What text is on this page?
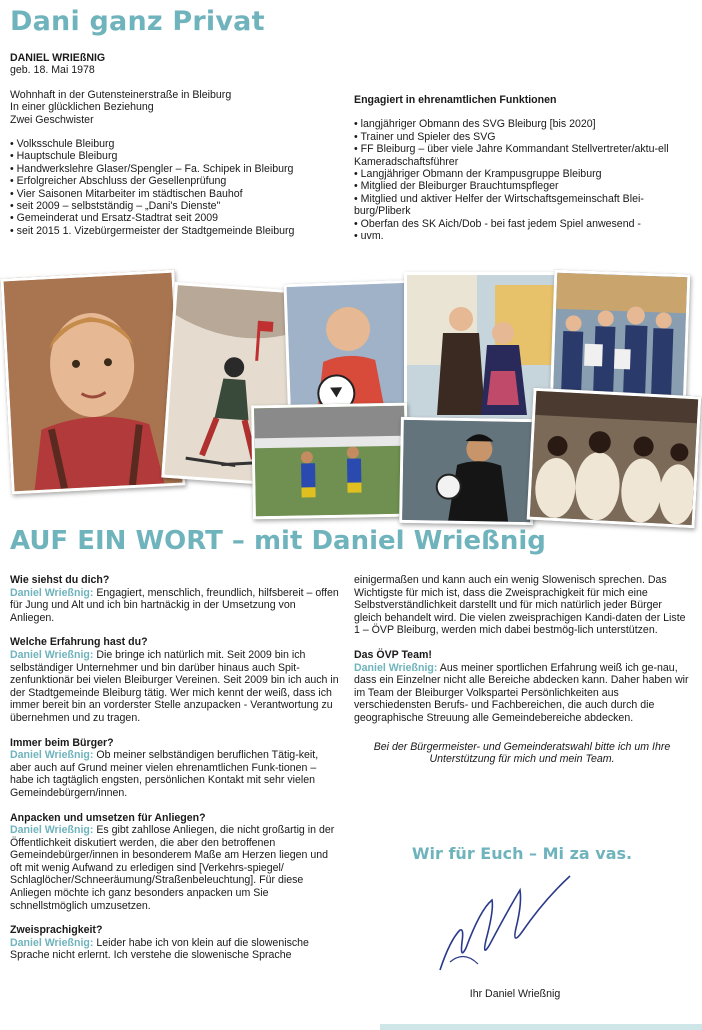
Dani ganz Privat
DANIEL WRIEßNIG
geb. 18. Mai 1978
Wohnhaft in der Gutensteinerstraße in Bleiburg
In einer glücklichen Beziehung
Zwei Geschwister
• Volksschule Bleiburg
• Hauptschule Bleiburg
• Handwerkslehre Glaser/Spengler – Fa. Schipek in Bleiburg
• Erfolgreicher Abschluss der Gesellenprüfung
• Vier Saisonen Mitarbeiter im städtischen Bauhof
• seit 2009 – selbstständig – „Dani's Dienste"
• Gemeinderat und Ersatz-Stadtrat seit 2009
• seit 2015 1. Vizebürgermeister der Stadtgemeinde Bleiburg
Engagiert in ehrenamtlichen Funktionen
• langjähriger Obmann des SVG Bleiburg [bis 2020]
• Trainer und Spieler des SVG
• FF Bleiburg – über viele Jahre Kommandant Stellvertreter/aktu-ell Kameradschaftsführer
• Langjähriger Obmann der Krampusgruppe Bleiburg
• Mitglied der Bleiburger Brauchtumspfleger
• Mitglied und aktiver Helfer der Wirtschaftsgemeinschaft Blei-burg/Pliberk
• Oberfan des SK Aich/Dob - bei fast jedem Spiel anwesend -
• uvm.
AUF EIN WORT – mit Daniel Wrießnig
Wie siehst du dich?
Daniel Wrießnig: Engagiert, menschlich, freundlich, hilfsbereit – offen für Jung und Alt und ich bin hartnäckig in der Umsetzung von Anliegen.
Welche Erfahrung hast du?
Daniel Wrießnig: Die bringe ich natürlich mit. Seit 2009 bin ich selbständiger Unternehmer und bin darüber hinaus auch Spit-zenfunktionär bei vielen Bleiburger Vereinen. Seit 2009 bin ich auch in der Stadtgemeinde Bleiburg tätig. Wer mich kennt der weiß, dass ich immer bereit bin an vorderster Stelle anzupacken - Verantwortung zu übernehmen und zu tragen.
Immer beim Bürger?
Daniel Wrießnig: Ob meiner selbständigen beruflichen Tätig-keit, aber auch auf Grund meiner vielen ehrenamtlichen Funk-tionen – habe ich tagtäglich engsten, persönlichen Kontakt mit sehr vielen Gemeindebürgern/innen.
Anpacken und umsetzen für Anliegen?
Daniel Wrießnig: Es gibt zahllose Anliegen, die nicht großartig in der Öffentlichkeit diskutiert werden, die aber den betroffenen Gemeindebürger/innen in besonderem Maße am Herzen liegen und oft mit wenig Aufwand zu erledigen sind [Verkehrs-spiegel/ Schlaglöcher/Schneeräumung/Straßenbeleuchtung]. Für diese Anliegen möchte ich ganz besonders anpacken um Sie schnellstmöglich umzusetzen.
Zweisprachigkeit?
Daniel Wrießnig: Leider habe ich von klein auf die slowenische Sprache nicht erlernt. Ich verstehe die slowenische Sprache
einigermaßen und kann auch ein wenig Slowenisch sprechen. Das Wichtigste für mich ist, dass die Zweisprachigkeit für mich eine Selbstverständlichkeit darstellt und für mich natürlich jeder Bürger gleich behandelt wird. Die vielen zweisprachigen Kandi-daten der Liste 1 – ÖVP Bleiburg, werden mich dabei bestmög-lich unterstützen.
Das ÖVP Team!
Daniel Wrießnig: Aus meiner sportlichen Erfahrung weiß ich ge-nau, dass ein Einzelner nicht alle Bereiche abdecken kann. Daher haben wir im Team der Bleiburger Volkspartei Persönlichkeiten aus verschiedensten Berufs- und Fachbereichen, die auch durch die geographische Streuung alle Gemeindebereiche abdecken.
Bei der Bürgermeister- und Gemeinderatswahl bitte ich um Ihre Unterstützung für mich und mein Team.
Wir für Euch – Mi za vas.
Ihr Daniel Wrießnig
